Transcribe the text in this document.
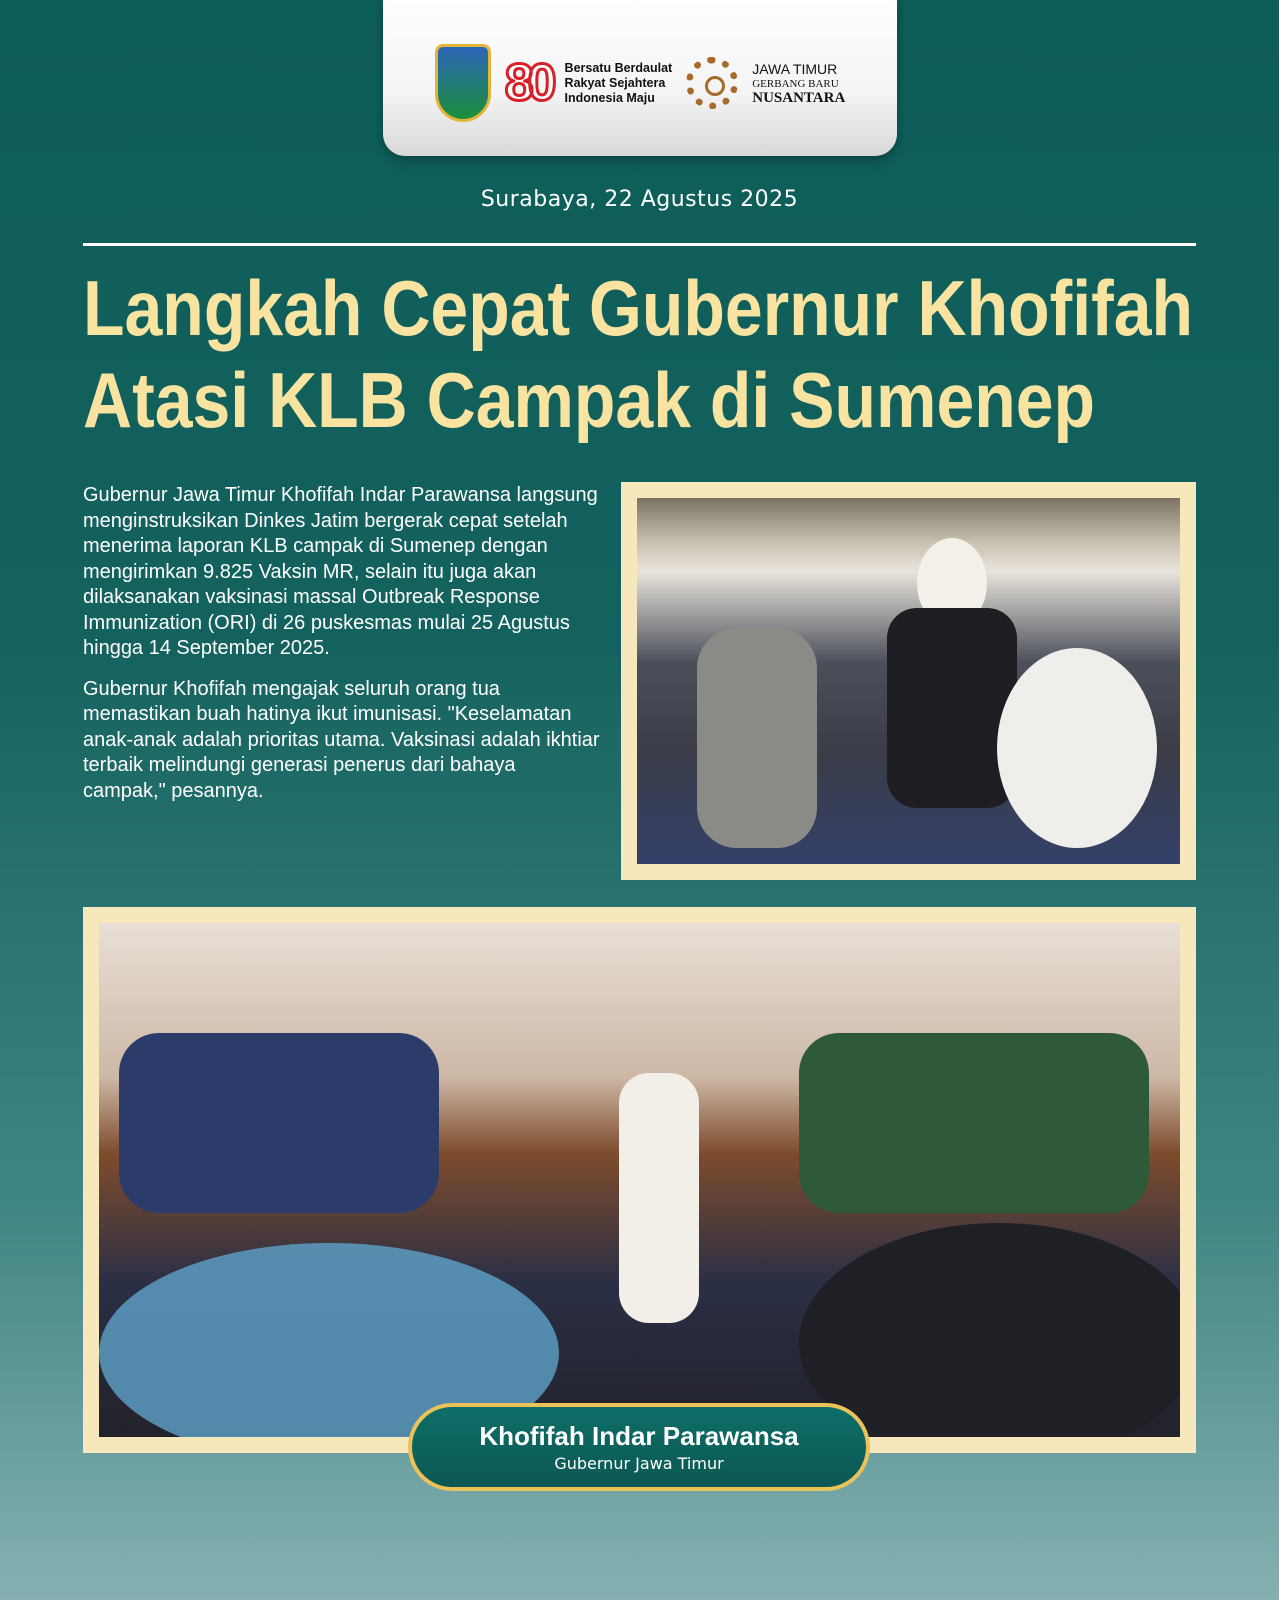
80 Bersatu Berdaulat
Rakyat Sejahtera
Indonesia Maju
JAWA TIMUR
GERBANG BARU
NUSANTARA
Surabaya, 22 Agustus 2025
Langkah Cepat Gubernur Khofifah
Atasi KLB Campak di Sumenep

Gubernur Jawa Timur Khofifah Indar Parawansa langsung menginstruksikan Dinkes Jatim bergerak cepat setelah menerima laporan KLB campak di Sumenep dengan mengirimkan 9.825 Vaksin MR, selain itu juga akan dilaksanakan vaksinasi massal Outbreak Response Immunization (ORI) di 26 puskesmas mulai 25 Agustus hingga 14 September 2025.

Gubernur Khofifah mengajak seluruh orang tua memastikan buah hatinya ikut imunisasi. "Keselamatan anak-anak adalah prioritas utama. Vaksinasi adalah ikhtiar terbaik melindungi generasi penerus dari bahaya campak," pesannya.

Khofifah Indar Parawansa
Gubernur Jawa Timur
